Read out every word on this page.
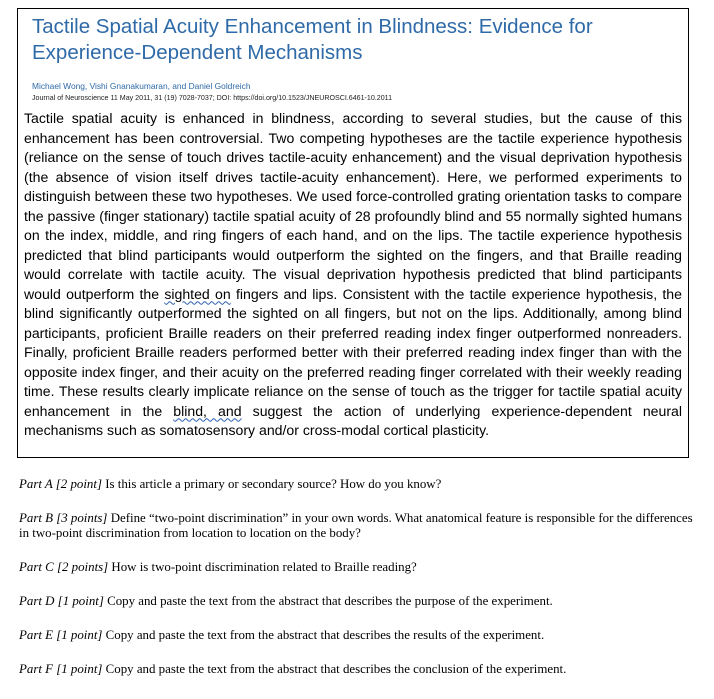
Tactile Spatial Acuity Enhancement in Blindness: Evidence for Experience-Dependent Mechanisms
Michael Wong, Vishi Gnanakumaran, and Daniel Goldreich
Journal of Neuroscience 11 May 2011, 31 (19) 7028-7037; DOI: https://doi.org/10.1523/JNEUROSCI.6461-10.2011
Tactile spatial acuity is enhanced in blindness, according to several studies, but the cause of this enhancement has been controversial. Two competing hypotheses are the tactile experience hypothesis (reliance on the sense of touch drives tactile-acuity enhancement) and the visual deprivation hypothesis (the absence of vision itself drives tactile-acuity enhancement). Here, we performed experiments to distinguish between these two hypotheses. We used force-controlled grating orientation tasks to compare the passive (finger stationary) tactile spatial acuity of 28 profoundly blind and 55 normally sighted humans on the index, middle, and ring fingers of each hand, and on the lips. The tactile experience hypothesis predicted that blind participants would outperform the sighted on the fingers, and that Braille reading would correlate with tactile acuity. The visual deprivation hypothesis predicted that blind participants would outperform the sighted on fingers and lips. Consistent with the tactile experience hypothesis, the blind significantly outperformed the sighted on all fingers, but not on the lips. Additionally, among blind participants, proficient Braille readers on their preferred reading index finger outperformed nonreaders. Finally, proficient Braille readers performed better with their preferred reading index finger than with the opposite index finger, and their acuity on the preferred reading finger correlated with their weekly reading time. These results clearly implicate reliance on the sense of touch as the trigger for tactile spatial acuity enhancement in the blind, and suggest the action of underlying experience-dependent neural mechanisms such as somatosensory and/or cross-modal cortical plasticity.

Part A [2 point] Is this article a primary or secondary source? How do you know?

Part B [3 points] Define “two-point discrimination” in your own words. What anatomical feature is responsible for the differences in two-point discrimination from location to location on the body?

Part C [2 points] How is two-point discrimination related to Braille reading?

Part D [1 point] Copy and paste the text from the abstract that describes the purpose of the experiment.

Part E [1 point] Copy and paste the text from the abstract that describes the results of the experiment.

Part F [1 point] Copy and paste the text from the abstract that describes the conclusion of the experiment.
